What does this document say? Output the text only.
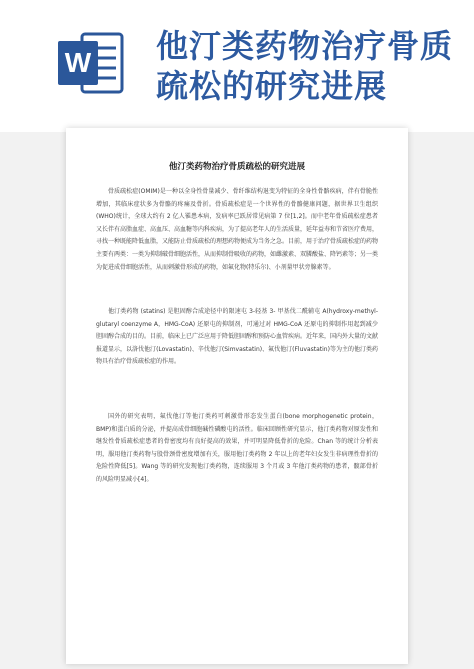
W 他汀类药物治疗骨质疏松的研究进展
他汀类药物治疗骨质疏松的研究进展

骨质疏松症(OMIM)是一种以全身性骨量减少、骨纤维结构退变为特征的全身性骨骼疾病，伴有骨脆性增加，其临床症状多为骨骼的疼痛及骨折。骨质疏松症是一个世界性的骨骼健康问题，据世界卫生组织(WHO)统计，全球大约有 2 亿人罹患本病，发病率已跃居常见病第 7 位[1,2]。而中老年骨质疏松症患者又长伴有高脂血症、高血压、高血糖等内科疾病，为了提高老年人的生活质量，延年益寿和节省医疗费用，寻找一种既能降低血脂，又能防止骨质疏松的理想药物便成为当务之急。目前，用于治疗骨质疏松症的药物主要有两类：一类为抑制破骨细胞活性，从而抑制骨吸收的药物，如雌激素、双膦酸盐、降钙素等；另一类为促进成骨细胞活性，从而刺激骨形成的药物，如氟化物(特乐尔)、小剂量甲状旁腺素等。

他汀类药物 (statins) 是胆固醇合成途径中的限速屯 3-轻基 3- 甲基伐二酰辅屯 A(hydroxy-methyl-glutaryl coenzyme A，HMG-CoA) 还原屯的抑制剂，可通过对 HMG-CoA 还原屯的抑制作用起到减少胆固醇合成的目的。目前，临床上已广泛应用于降低胆固醇和预防心血管疾病。近年来，国内外大量的文献报道显示，以洛伐他汀(Lovastatin)、辛伐他汀(Simvastatin)、氟伐他汀(Fluvastatin)等为主的他汀类药物具有治疗骨质疏松症的作用。

国外的研究表明，氟伐他汀等他汀类药可刺激骨形态发生蛋白(bone morphogenetic protein，BMP)和蛋白质的分泌，并提高成骨细胞碱性磷酸屯的活性。临床回顾性研究显示，他汀类药物对原发性和继发性骨质疏松症患者的骨密度均有良好提高的效果，并可明显降低骨折的危险。Chan 等的统计分析表明，服用他汀类药物与股骨颈骨密度增加有关，服用他汀类药物 2 年以上的老年妇女发生非病理性骨折的危险性降低[5]。Wang 等的研究发现他汀类药物，连续服用 3 个月或 3 年他汀类药物的患者，髋部骨折的风险明显减小[4]。
